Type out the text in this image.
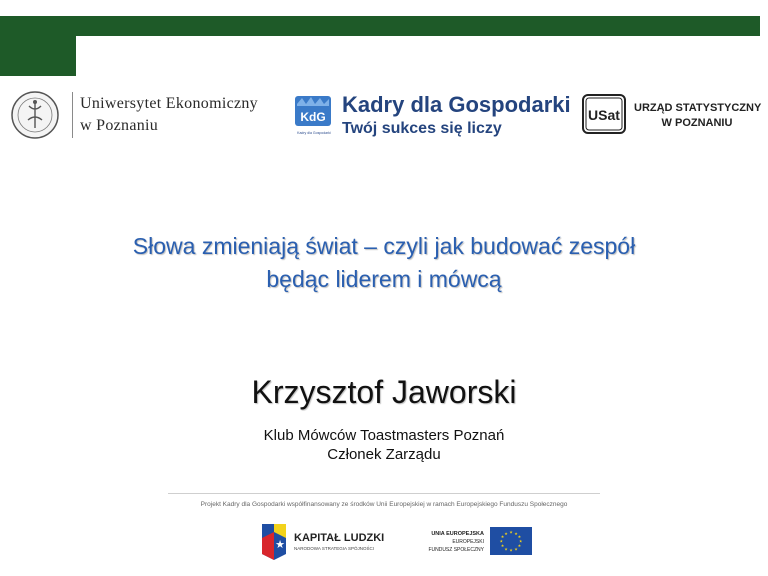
Uniwersytet Ekonomiczny
w Poznaniu	KdG
Kadry dla Gospodarki
Kadry dla Gospodarki
Twój sukces się liczy
USat URZĄD STATYSTYCZNY
W POZNANIU
Słowa zmieniają świat – czyli jak budować zespół
będąc liderem i mówcą
Krzysztof Jaworski
Klub Mówców Toastmasters Poznań
Członek Zarządu
Projekt Kadry dla Gospodarki współfinansowany ze środków Unii Europejskiej w ramach Europejskiego Funduszu Społecznego
★ KAPITAŁ LUDZKI
NARODOWA STRATEGIA SPÓJNOŚCI
UNIA EUROPEJSKA
EUROPEJSKI
FUNDUSZ SPOŁECZNY
★ ★
★
★
★
★
★
★
★
★
★
★
